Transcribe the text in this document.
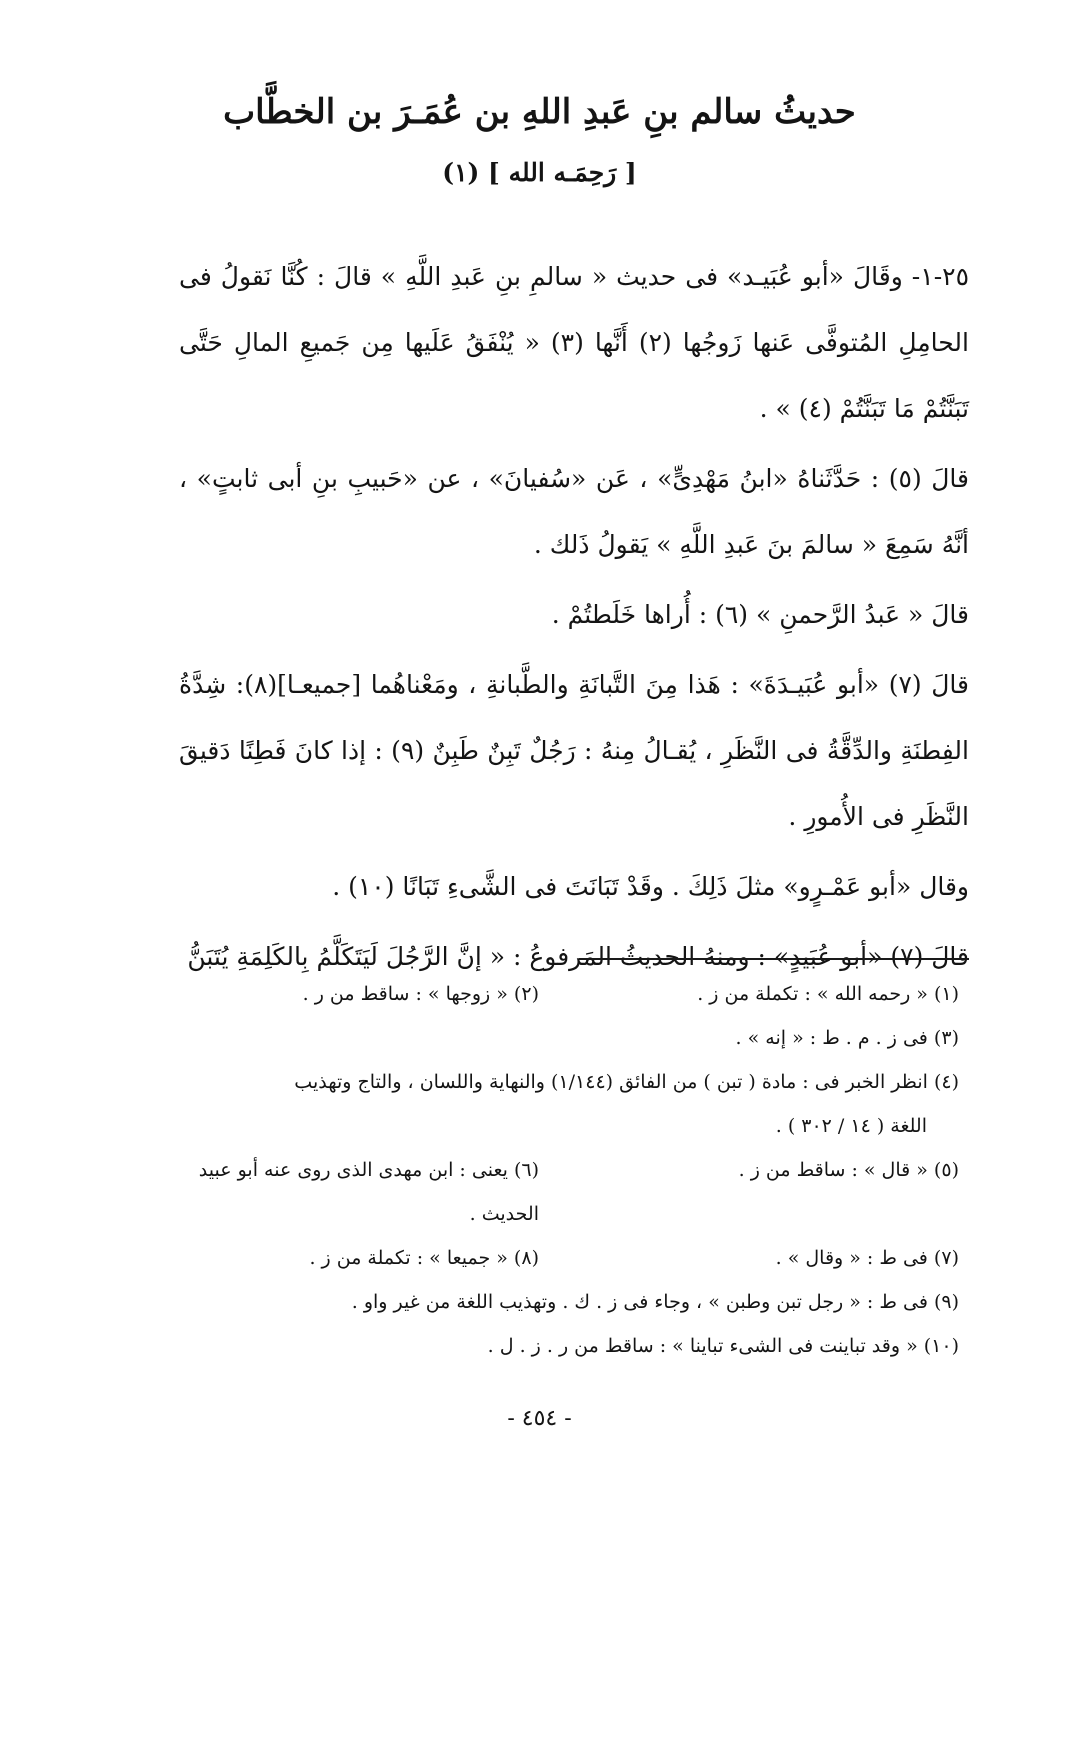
حديثُ سالم بنِ عَبدِ اللهِ بن عُمَـرَ بن الخطَّاب
[ رَحِمَـه الله ] (١)

٢٥-١- وقَالَ «أبو عُبَيـد» فى حديث « سالمِ بنِ عَبدِ اللَّهِ » قالَ : كُنَّا نَقولُ فى الحامِلِ المُتوفَّى عَنها زَوجُها (٢) أَنَّها (٣) « يُنْفَقُ عَلَيها مِن جَميعِ المالِ حَتَّى تَبَنَّتُمْ مَا تَبَنَّتُمْ (٤) » .

قالَ (٥) : حَدَّثَناهُ «ابنُ مَهْدِىٍّ» ، عَن «سُفيانَ» ، عن «حَبيبِ بنِ أبى ثابتٍ» ، أنَّهُ سَمِعَ « سالمَ بنَ عَبدِ اللَّهِ » يَقولُ ذَلك .

قالَ « عَبدُ الرَّحمنِ » (٦) : أُراها خَلَطتُمْ .

قالَ (٧) «أبو عُبَيـدَةَ» : هَذا مِنَ التَّبانَةِ والطَّبانةِ ، ومَعْناهُما [جميعـا](٨): شِدَّةُ الفِطنَةِ والدِّقَّةُ فى النَّظَرِ ، يُقـالُ مِنهُ : رَجُلٌ تَبِنٌ طَبِنٌ (٩) : إذا كانَ فَطِنًا دَقيقَ النَّظَرِ فى الأُمورِ .

وقال «أبو عَمْـرٍو» مثلَ ذَلِكَ . وقَدْ تَبَانَتَ فى الشَّىءِ تَبَانًا (١٠) .

قالَ (٧) «أبو عُبَيدٍ» : ومنهُ الحديثُ المَرفوعُ : « إنَّ الرَّجُلَ لَيَتَكَلَّمُ بِالكَلِمَةِ يُتَبَنُّ

(١) « رحمه الله » : تكملة من ز .
(٢) « زوجها » : ساقط من ر .
(٣) فى ز . م . ط : « إنه » .
(٤) انظر الخبر فى : مادة ( تبن ) من الفائق (١/١٤٤) والنهاية واللسان ، والتاج وتهذيب
اللغة ( ١٤ / ٣٠٢ ) .
(٥) « قال » : ساقط من ز .
(٦) يعنى : ابن مهدى الذى روى عنه أبو عبيد الحديث .
(٧) فى ط : « وقال » .
(٨) « جميعا » : تكملة من ز .
(٩) فى ط : « رجل تبن وطبن » ، وجاء فى ز . ك . وتهذيب اللغة من غير واو .
(١٠) « وقد تباينت فى الشىء تباينا » : ساقط من ر . ز . ل .
- ٤٥٤ -
